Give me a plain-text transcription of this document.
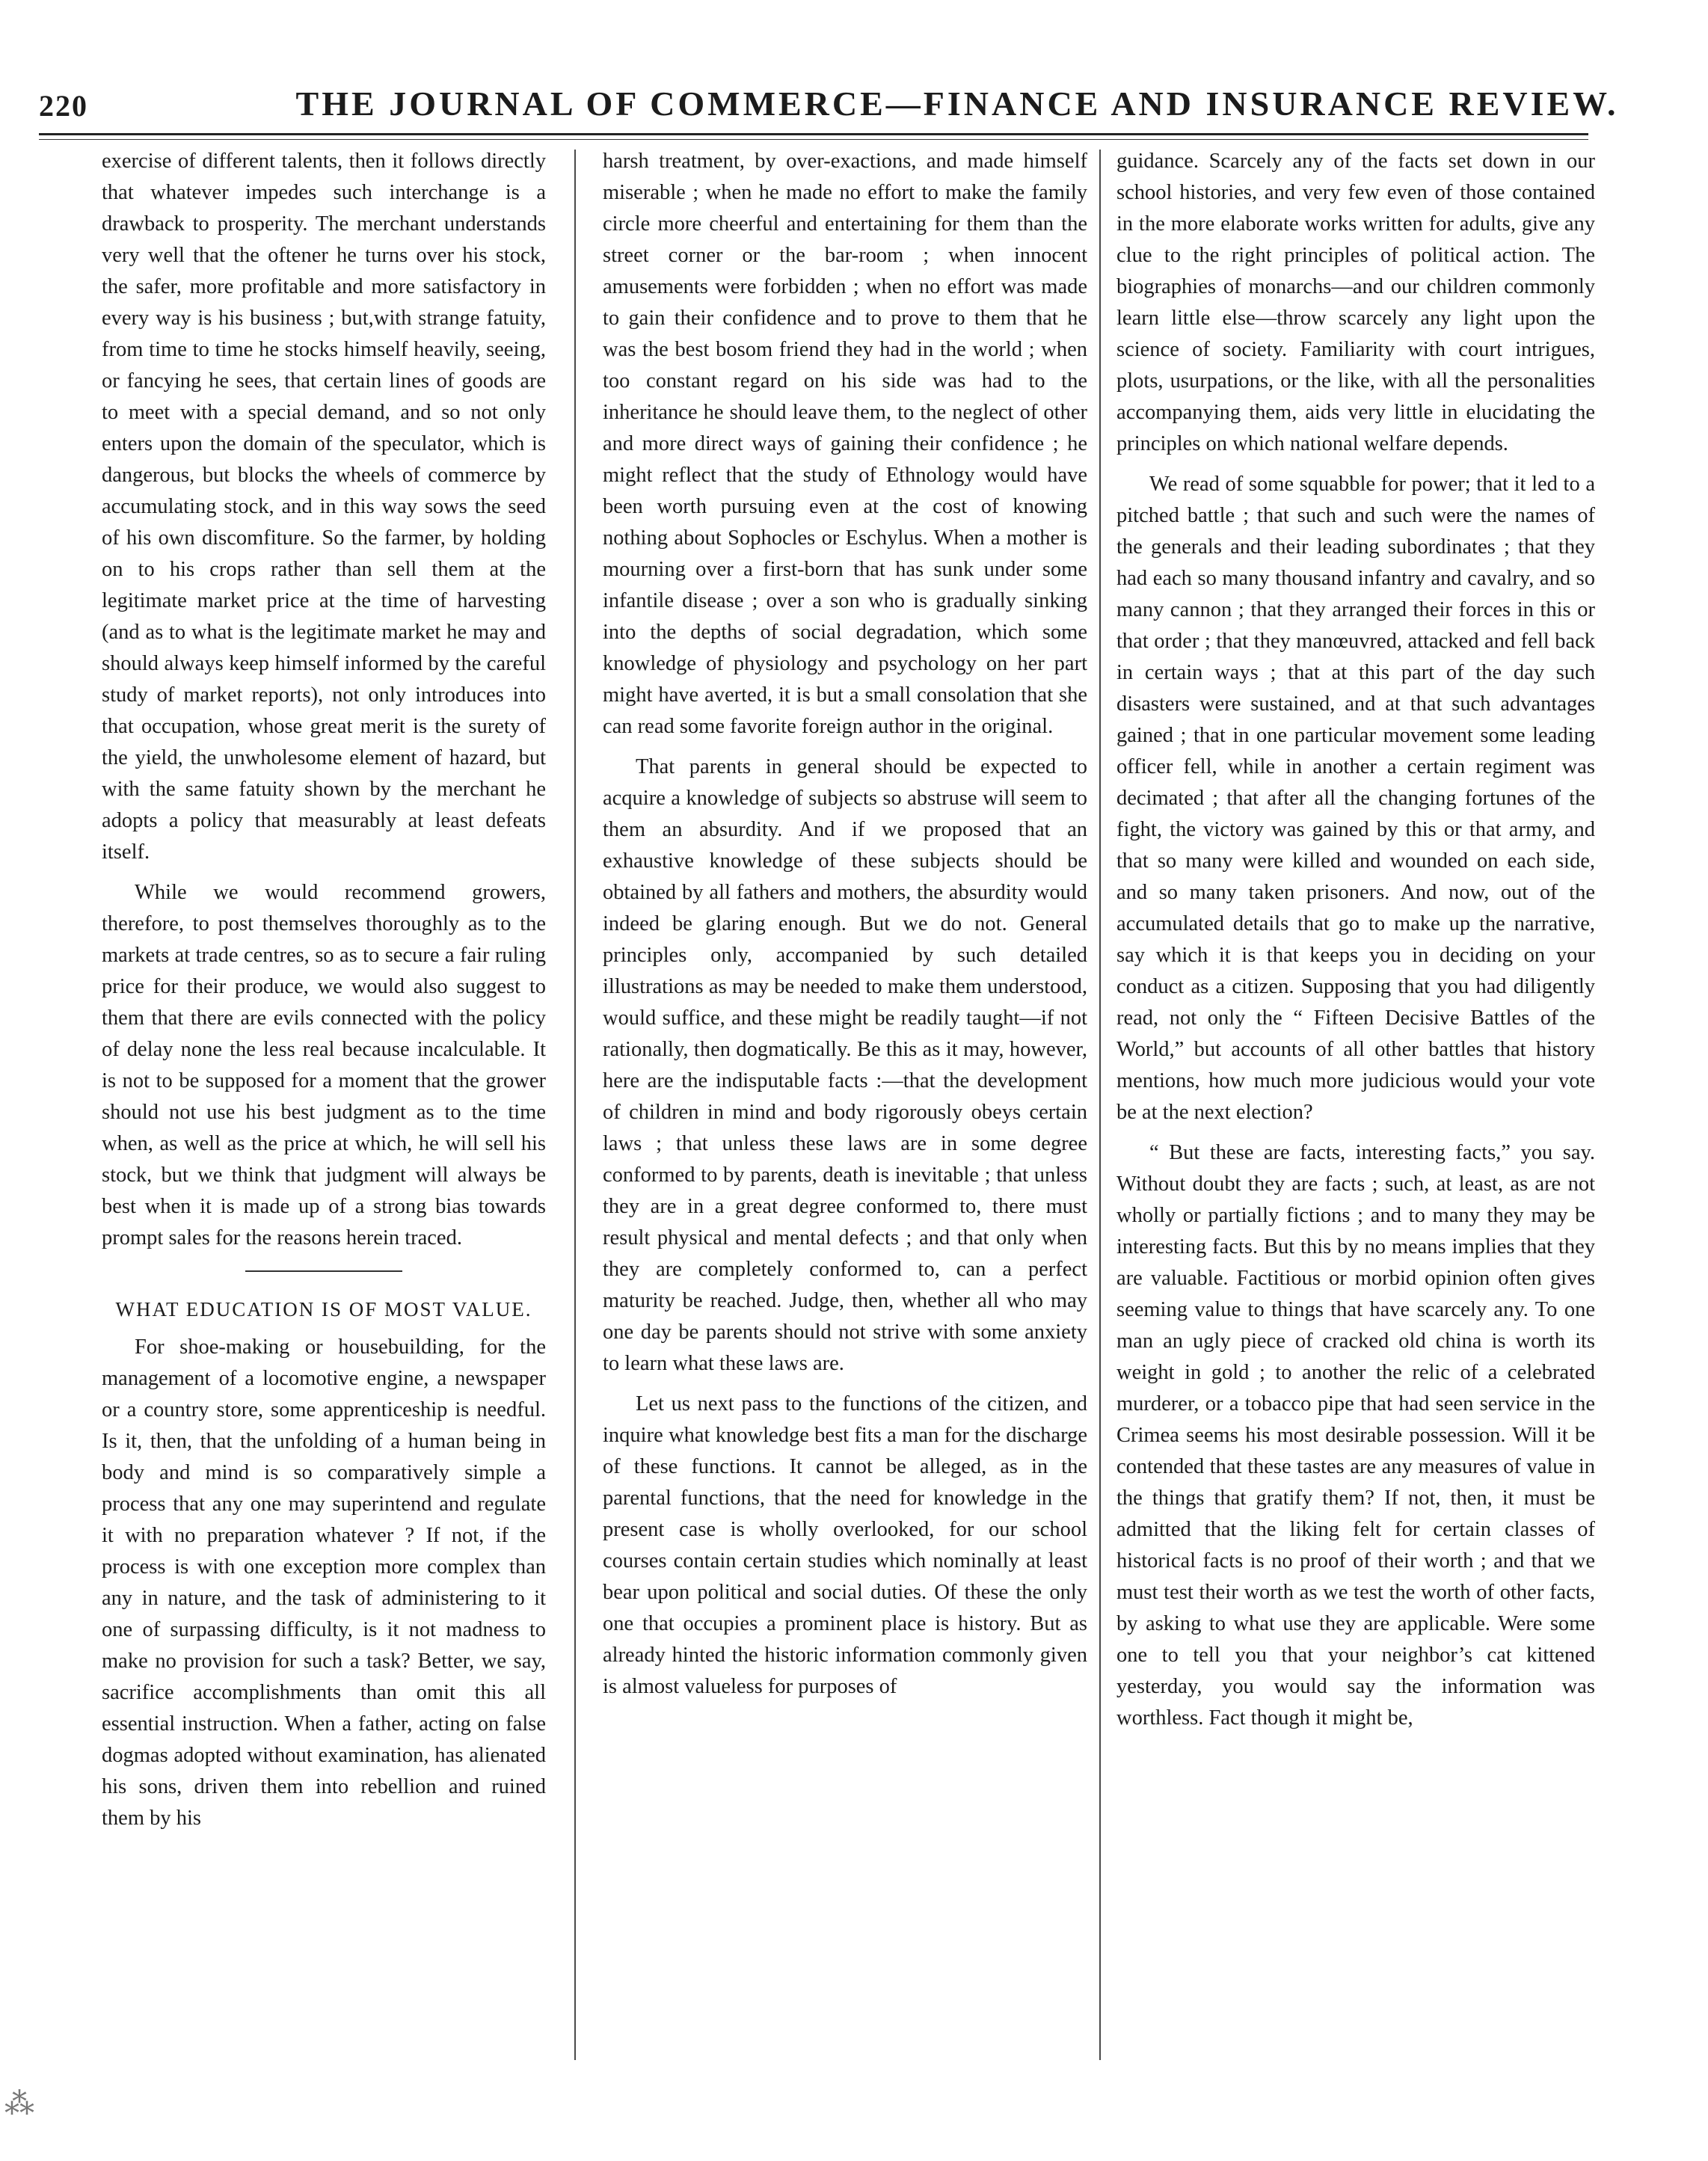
220	THE JOURNAL OF COMMERCE—FINANCE AND INSURANCE REVIEW.

exercise of different talents, then it follows directly that whatever impedes such interchange is a drawback to prosperity. The merchant understands very well that the oftener he turns over his stock, the safer, more profitable and more satisfactory in every way is his business ; but,with strange fatuity, from time to time he stocks himself heavily, seeing, or fancying he sees, that certain lines of goods are to meet with a special demand, and so not only enters upon the domain of the speculator, which is dangerous, but blocks the wheels of commerce by accumulating stock, and in this way sows the seed of his own discomfiture. So the farmer, by holding on to his crops rather than sell them at the legitimate market price at the time of harvesting (and as to what is the legitimate market he may and should always keep himself informed by the careful study of market reports), not only introduces into that occupation, whose great merit is the surety of the yield, the unwholesome element of hazard, but with the same fatuity shown by the merchant he adopts a policy that measurably at least defeats itself.

While we would recommend growers, therefore, to post themselves thoroughly as to the markets at trade centres, so as to secure a fair ruling price for their produce, we would also suggest to them that there are evils connected with the policy of delay none the less real because incalculable. It is not to be supposed for a moment that the grower should not use his best judgment as to the time when, as well as the price at which, he will sell his stock, but we think that judgment will always be best when it is made up of a strong bias towards prompt sales for the reasons herein traced.

WHAT EDUCATION IS OF MOST VALUE.

For shoe-making or housebuilding, for the management of a locomotive engine, a newspaper or a country store, some apprenticeship is needful. Is it, then, that the unfolding of a human being in body and mind is so comparatively simple a process that any one may superintend and regulate it with no preparation whatever ? If not, if the process is with one exception more complex than any in nature, and the task of administering to it one of surpassing difficulty, is it not madness to make no provision for such a task? Better, we say, sacrifice accomplishments than omit this all essential instruction. When a father, acting on false dogmas adopted without examination, has alienated his sons, driven them into rebellion and ruined them by his

harsh treatment, by over-exactions, and made himself miserable ; when he made no effort to make the family circle more cheerful and entertaining for them than the street corner or the bar-room ; when innocent amusements were forbidden ; when no effort was made to gain their confidence and to prove to them that he was the best bosom friend they had in the world ; when too constant regard on his side was had to the inheritance he should leave them, to the neglect of other and more direct ways of gaining their confidence ; he might reflect that the study of Ethnology would have been worth pursuing even at the cost of knowing nothing about Sophocles or Eschylus. When a mother is mourning over a first-born that has sunk under some infantile disease ; over a son who is gradually sinking into the depths of social degradation, which some knowledge of physiology and psychology on her part might have averted, it is but a small consolation that she can read some favorite foreign author in the original.

That parents in general should be expected to acquire a knowledge of subjects so abstruse will seem to them an absurdity. And if we proposed that an exhaustive knowledge of these subjects should be obtained by all fathers and mothers, the absurdity would indeed be glaring enough. But we do not. General principles only, accompanied by such detailed illustrations as may be needed to make them understood, would suffice, and these might be readily taught—if not rationally, then dogmatically. Be this as it may, however, here are the indisputable facts :—that the development of children in mind and body rigorously obeys certain laws ; that unless these laws are in some degree conformed to by parents, death is inevitable ; that unless they are in a great degree conformed to, there must result physical and mental defects ; and that only when they are completely conformed to, can a perfect maturity be reached. Judge, then, whether all who may one day be parents should not strive with some anxiety to learn what these laws are.

Let us next pass to the functions of the citizen, and inquire what knowledge best fits a man for the discharge of these functions. It cannot be alleged, as in the parental functions, that the need for knowledge in the present case is wholly overlooked, for our school courses contain certain studies which nominally at least bear upon political and social duties. Of these the only one that occupies a prominent place is history. But as already hinted the historic information commonly given is almost valueless for purposes of

guidance. Scarcely any of the facts set down in our school histories, and very few even of those contained in the more elaborate works written for adults, give any clue to the right principles of political action. The biographies of monarchs—and our children commonly learn little else—throw scarcely any light upon the science of society. Familiarity with court intrigues, plots, usurpations, or the like, with all the personalities accompanying them, aids very little in elucidating the principles on which national welfare depends.

We read of some squabble for power; that it led to a pitched battle ; that such and such were the names of the generals and their leading subordinates ; that they had each so many thousand infantry and cavalry, and so many cannon ; that they arranged their forces in this or that order ; that they manœuvred, attacked and fell back in certain ways ; that at this part of the day such disasters were sustained, and at that such advantages gained ; that in one particular movement some leading officer fell, while in another a certain regiment was decimated ; that after all the changing fortunes of the fight, the victory was gained by this or that army, and that so many were killed and wounded on each side, and so many taken prisoners. And now, out of the accumulated details that go to make up the narrative, say which it is that keeps you in deciding on your conduct as a citizen. Supposing that you had diligently read, not only the “ Fifteen Decisive Battles of the World,” but accounts of all other battles that history mentions, how much more judicious would your vote be at the next election?

“ But these are facts, interesting facts,” you say. Without doubt they are facts ; such, at least, as are not wholly or partially fictions ; and to many they may be interesting facts. But this by no means implies that they are valuable. Factitious or morbid opinion often gives seeming value to things that have scarcely any. To one man an ugly piece of cracked old china is worth its weight in gold ; to another the relic of a celebrated murderer, or a tobacco pipe that had seen service in the Crimea seems his most desirable possession. Will it be contended that these tastes are any measures of value in the things that gratify them? If not, then, it must be admitted that the liking felt for certain classes of historical facts is no proof of their worth ; and that we must test their worth as we test the worth of other facts, by asking to what use they are applicable. Were some one to tell you that your neighbor’s cat kittened yesterday, you would say the information was worthless. Fact though it might be,

⁂
